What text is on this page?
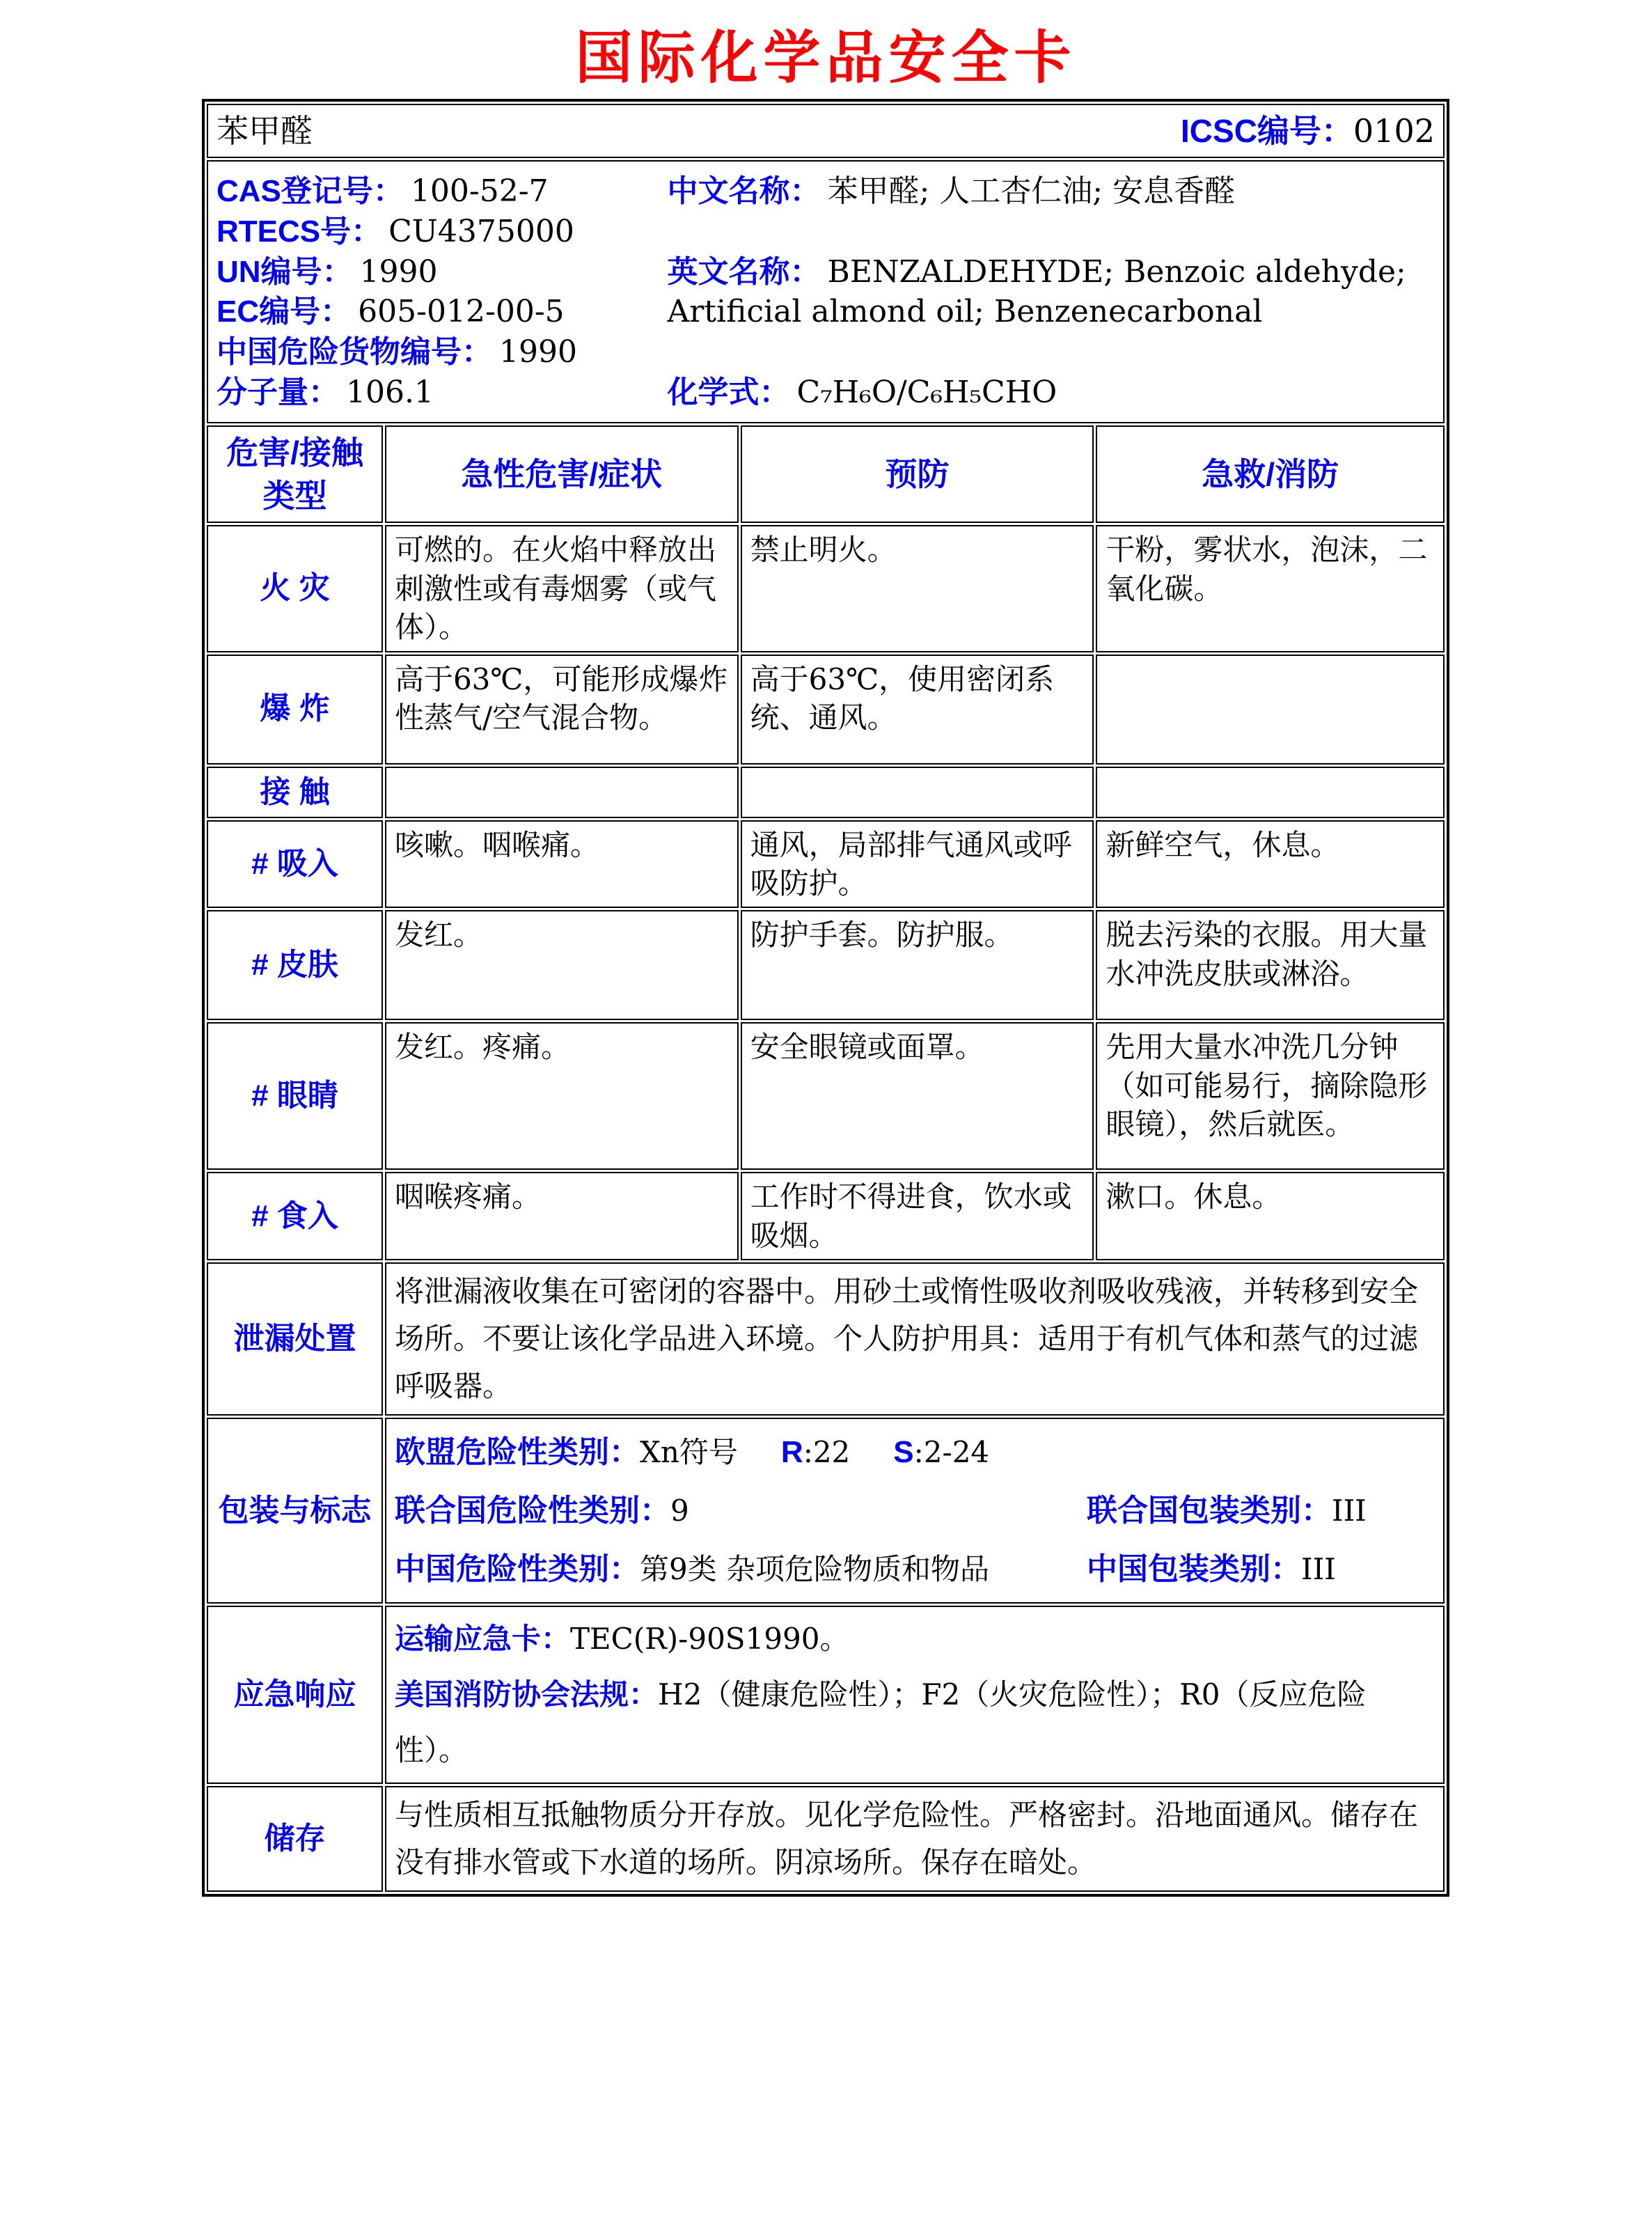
国际化学品安全卡
苯甲醛 ICSC编号：0102			

CAS登记号： 100-52-7
RTECS号： CU4375000
UN编号： 1990
EC编号： 605-012-00-5
中国危险货物编号： 1990
分子量： 106.1
中文名称： 苯甲醛; 人工杏仁油; 安息香醛
英文名称： BENZALDEHYDE; Benzoic aldehyde; Artificial almond oil; Benzenecarbonal
化学式： C₇H₆O/C₆H₅CHO

危害/接触类型	急性危害/症状	预防	急救/消防
火 灾	可燃的。在火焰中释放出刺激性或有毒烟雾（或气体）。	禁止明火。	干粉，雾状水，泡沫，二氧化碳。
爆 炸	高于63℃，可能形成爆炸性蒸气/空气混合物。	高于63℃，使用密闭系统、通风。	
接 触			
# 吸入	咳嗽。咽喉痛。	通风，局部排气通风或呼吸防护。	新鲜空气，休息。
# 皮肤	发红。	防护手套。防护服。	脱去污染的衣服。用大量水冲洗皮肤或淋浴。
# 眼睛	发红。疼痛。	安全眼镜或面罩。	先用大量水冲洗几分钟（如可能易行，摘除隐形眼镜），然后就医。
# 食入	咽喉疼痛。	工作时不得进食，饮水或吸烟。	漱口。休息。
泄漏处置	将泄漏液收集在可密闭的容器中。用砂土或惰性吸收剂吸收残液，并转移到安全场所。不要让该化学品进入环境。个人防护用具：适用于有机气体和蒸气的过滤呼吸器。		
包装与标志	欧盟危险性类别：Xn符号 R:22 S:2-24
联合国危险性类别：9 联合国包装类别：III
中国危险性类别：第9类 杂项危险物质和物品 中国包装类别：III		

应急响应	运输应急卡：TEC(R)-90S1990。
美国消防协会法规：H2（健康危险性）；F2（火灾危险性）；R0（反应危险性）。		

储存	与性质相互抵触物质分开存放。见化学危险性。严格密封。沿地面通风。储存在没有排水管或下水道的场所。阴凉场所。保存在暗处。		
